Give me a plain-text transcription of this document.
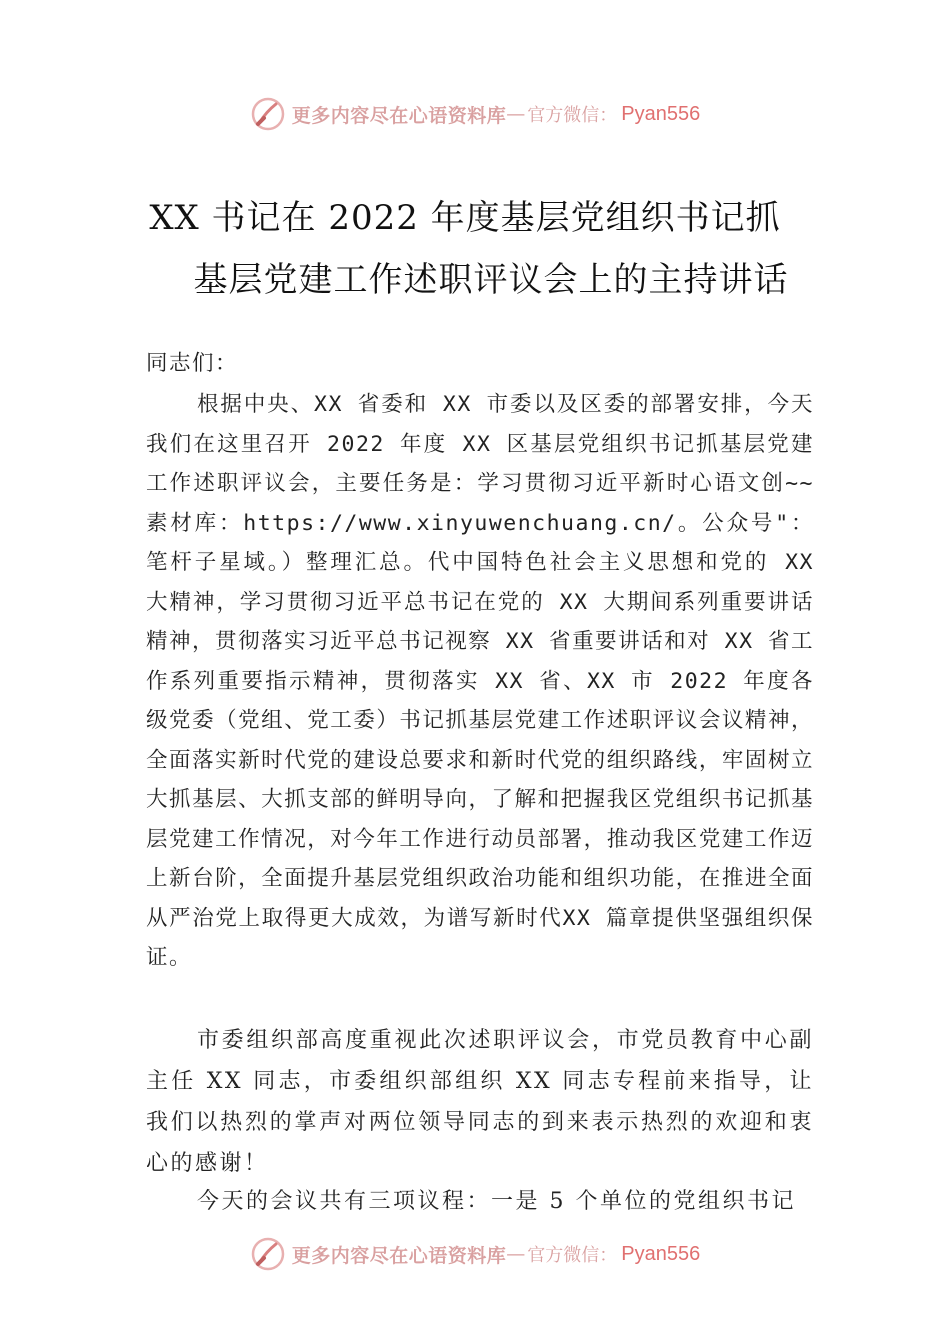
更多内容尽在心语资料库 — 官方微信： Pyan556
XX 书记在 2022 年度基层党组织书记抓
基层党建工作述职评议会上的主持讲话
同志们：
根据中央、XX 省委和 XX 市委以及区委的部署安排，今天我们在这里召开 2022 年度 XX 区基层党组织书记抓基层党建工作述职评议会，主要任务是：学习贯彻习近平新时心语文创~~素材库：https://www.xinyuwenchuang.cn/。公众号"：笔杆子星域。）整理汇总。代中国特色社会主义思想和党的 XX 大精神，学习贯彻习近平总书记在党的 XX 大期间系列重要讲话精神，贯彻落实习近平总书记视察 XX 省重要讲话和对 XX 省工作系列重要指示精神，贯彻落实 XX 省、XX 市 2022 年度各级党委（党组、党工委）书记抓基层党建工作述职评议会议精神，全面落实新时代党的建设总要求和新时代党的组织路线，牢固树立大抓基层、大抓支部的鲜明导向，了解和把握我区党组织书记抓基层党建工作情况，对今年工作进行动员部署，推动我区党建工作迈上新台阶，全面提升基层党组织政治功能和组织功能，在推进全面从严治党上取得更大成效，为谱写新时代XX 篇章提供坚强组织保证。
市委组织部高度重视此次述职评议会，市党员教育中心副主任 XX 同志，市委组织部组织 XX 同志专程前来指导，让我们以热烈的掌声对两位领导同志的到来表示热烈的欢迎和衷心的感谢！
今天的会议共有三项议程：一是 5 个单位的党组织书记
更多内容尽在心语资料库 — 官方微信： Pyan556
